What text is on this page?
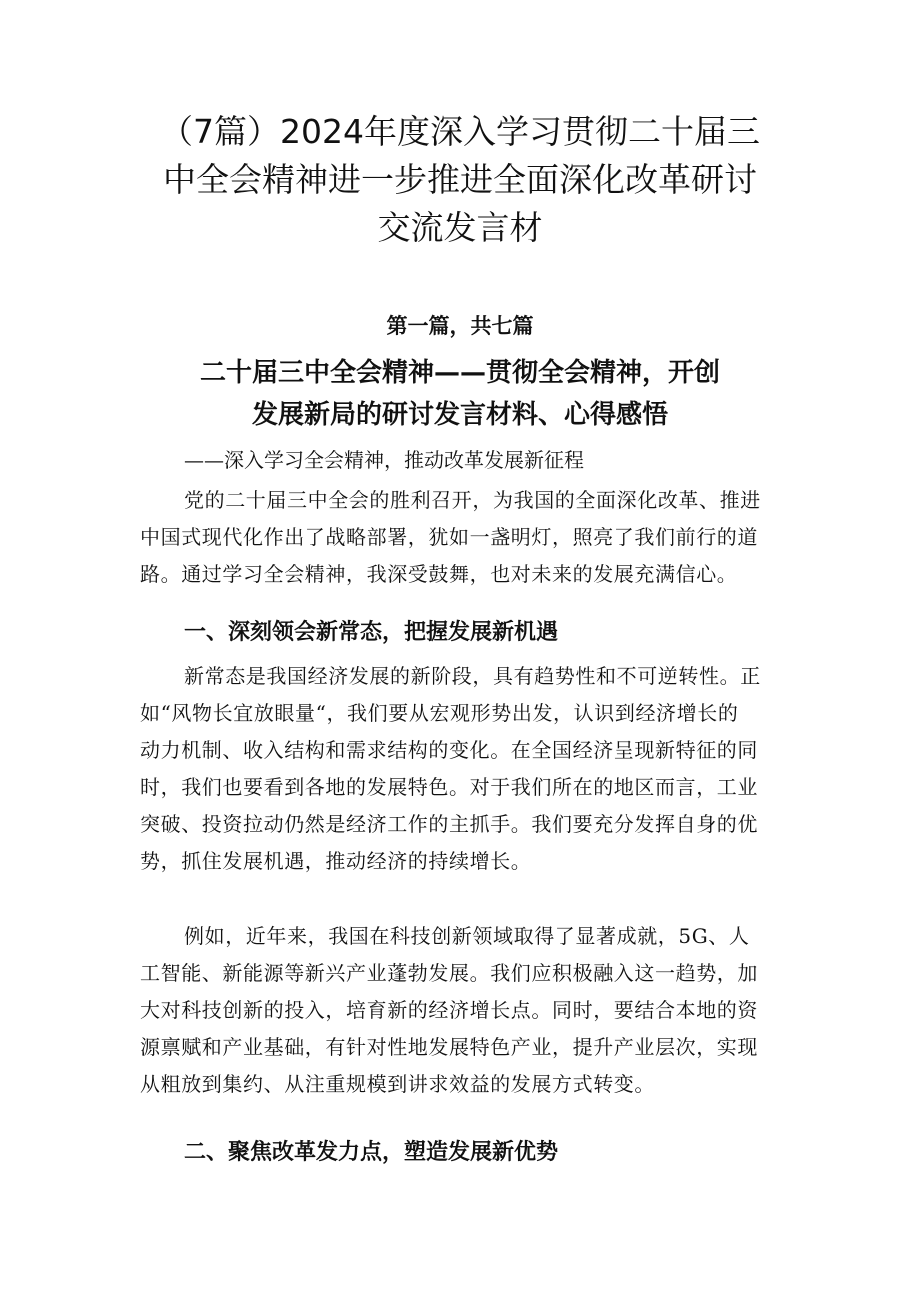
（7篇）2024年度深入学习贯彻二十届三
中全会精神进一步推进全面深化改革研讨
交流发言材
第一篇，共七篇
二十届三中全会精神——贯彻全会精神，开创
发展新局的研讨发言材料、心得感悟
——深入学习全会精神，推动改革发展新征程
党的二十届三中全会的胜利召开，为我国的全面深化改革、推进
中国式现代化作出了战略部署，犹如一盏明灯，照亮了我们前行的道
路。通过学习全会精神，我深受鼓舞，也对未来的发展充满信心。
一、深刻领会新常态，把握发展新机遇
新常态是我国经济发展的新阶段，具有趋势性和不可逆转性。正
如“风物长宜放眼量“，我们要从宏观形势出发，认识到经济增长的
动力机制、收入结构和需求结构的变化。在全国经济呈现新特征的同
时，我们也要看到各地的发展特色。对于我们所在的地区而言，工业
突破、投资拉动仍然是经济工作的主抓手。我们要充分发挥自身的优
势，抓住发展机遇，推动经济的持续增长。
例如，近年来，我国在科技创新领域取得了显著成就，5G、人
工智能、新能源等新兴产业蓬勃发展。我们应积极融入这一趋势，加
大对科技创新的投入，培育新的经济增长点。同时，要结合本地的资
源禀赋和产业基础，有针对性地发展特色产业，提升产业层次，实现
从粗放到集约、从注重规模到讲求效益的发展方式转变。
二、聚焦改革发力点，塑造发展新优势
